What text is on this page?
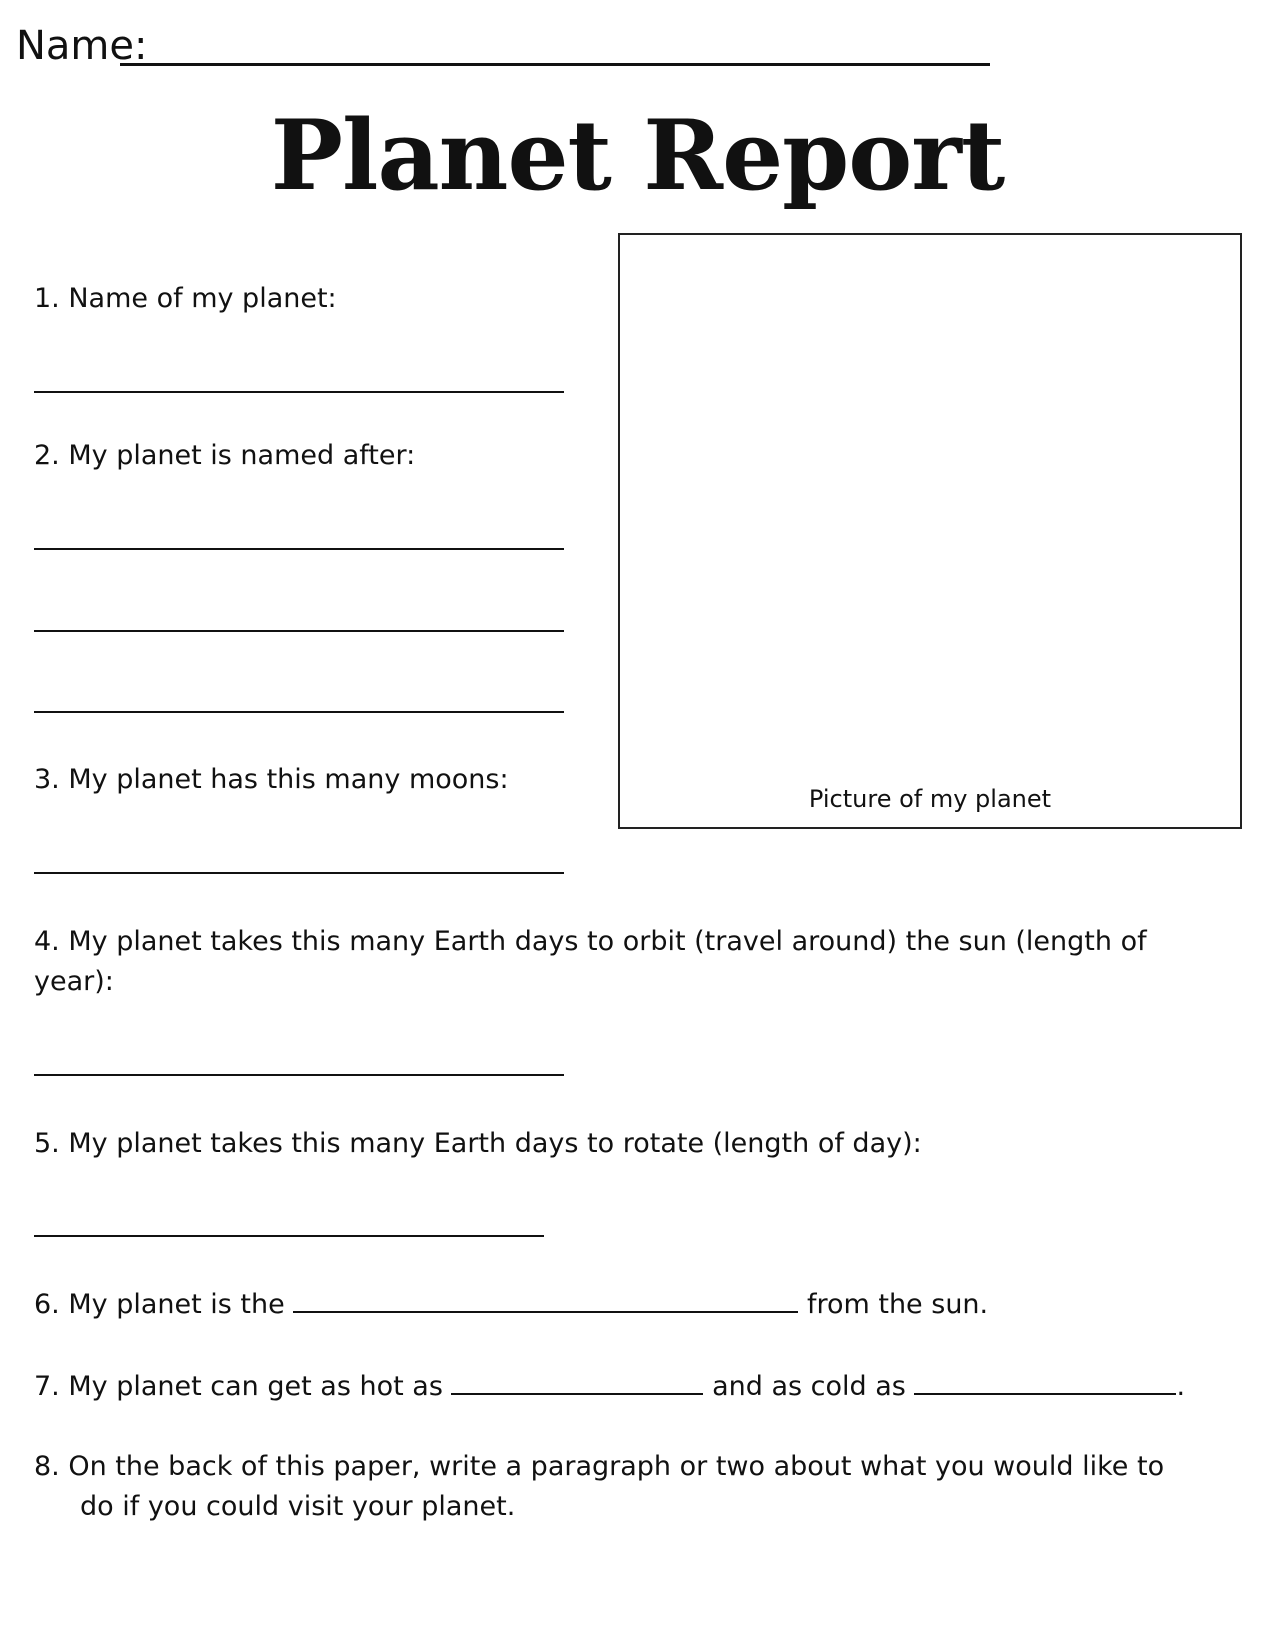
Name:
Planet Report
Picture of my planet
1. Name of my planet:
2. My planet is named after:
3. My planet has this many moons:
4. My planet takes this many Earth days to orbit (travel around) the sun (length of
year):
5. My planet takes this many Earth days to rotate (length of day):
6. My planet is the	from the sun.
7. My planet can get as hot as	and as cold as	.
8. On the back of this paper, write a paragraph or two about what you would like to
do if you could visit your planet.
